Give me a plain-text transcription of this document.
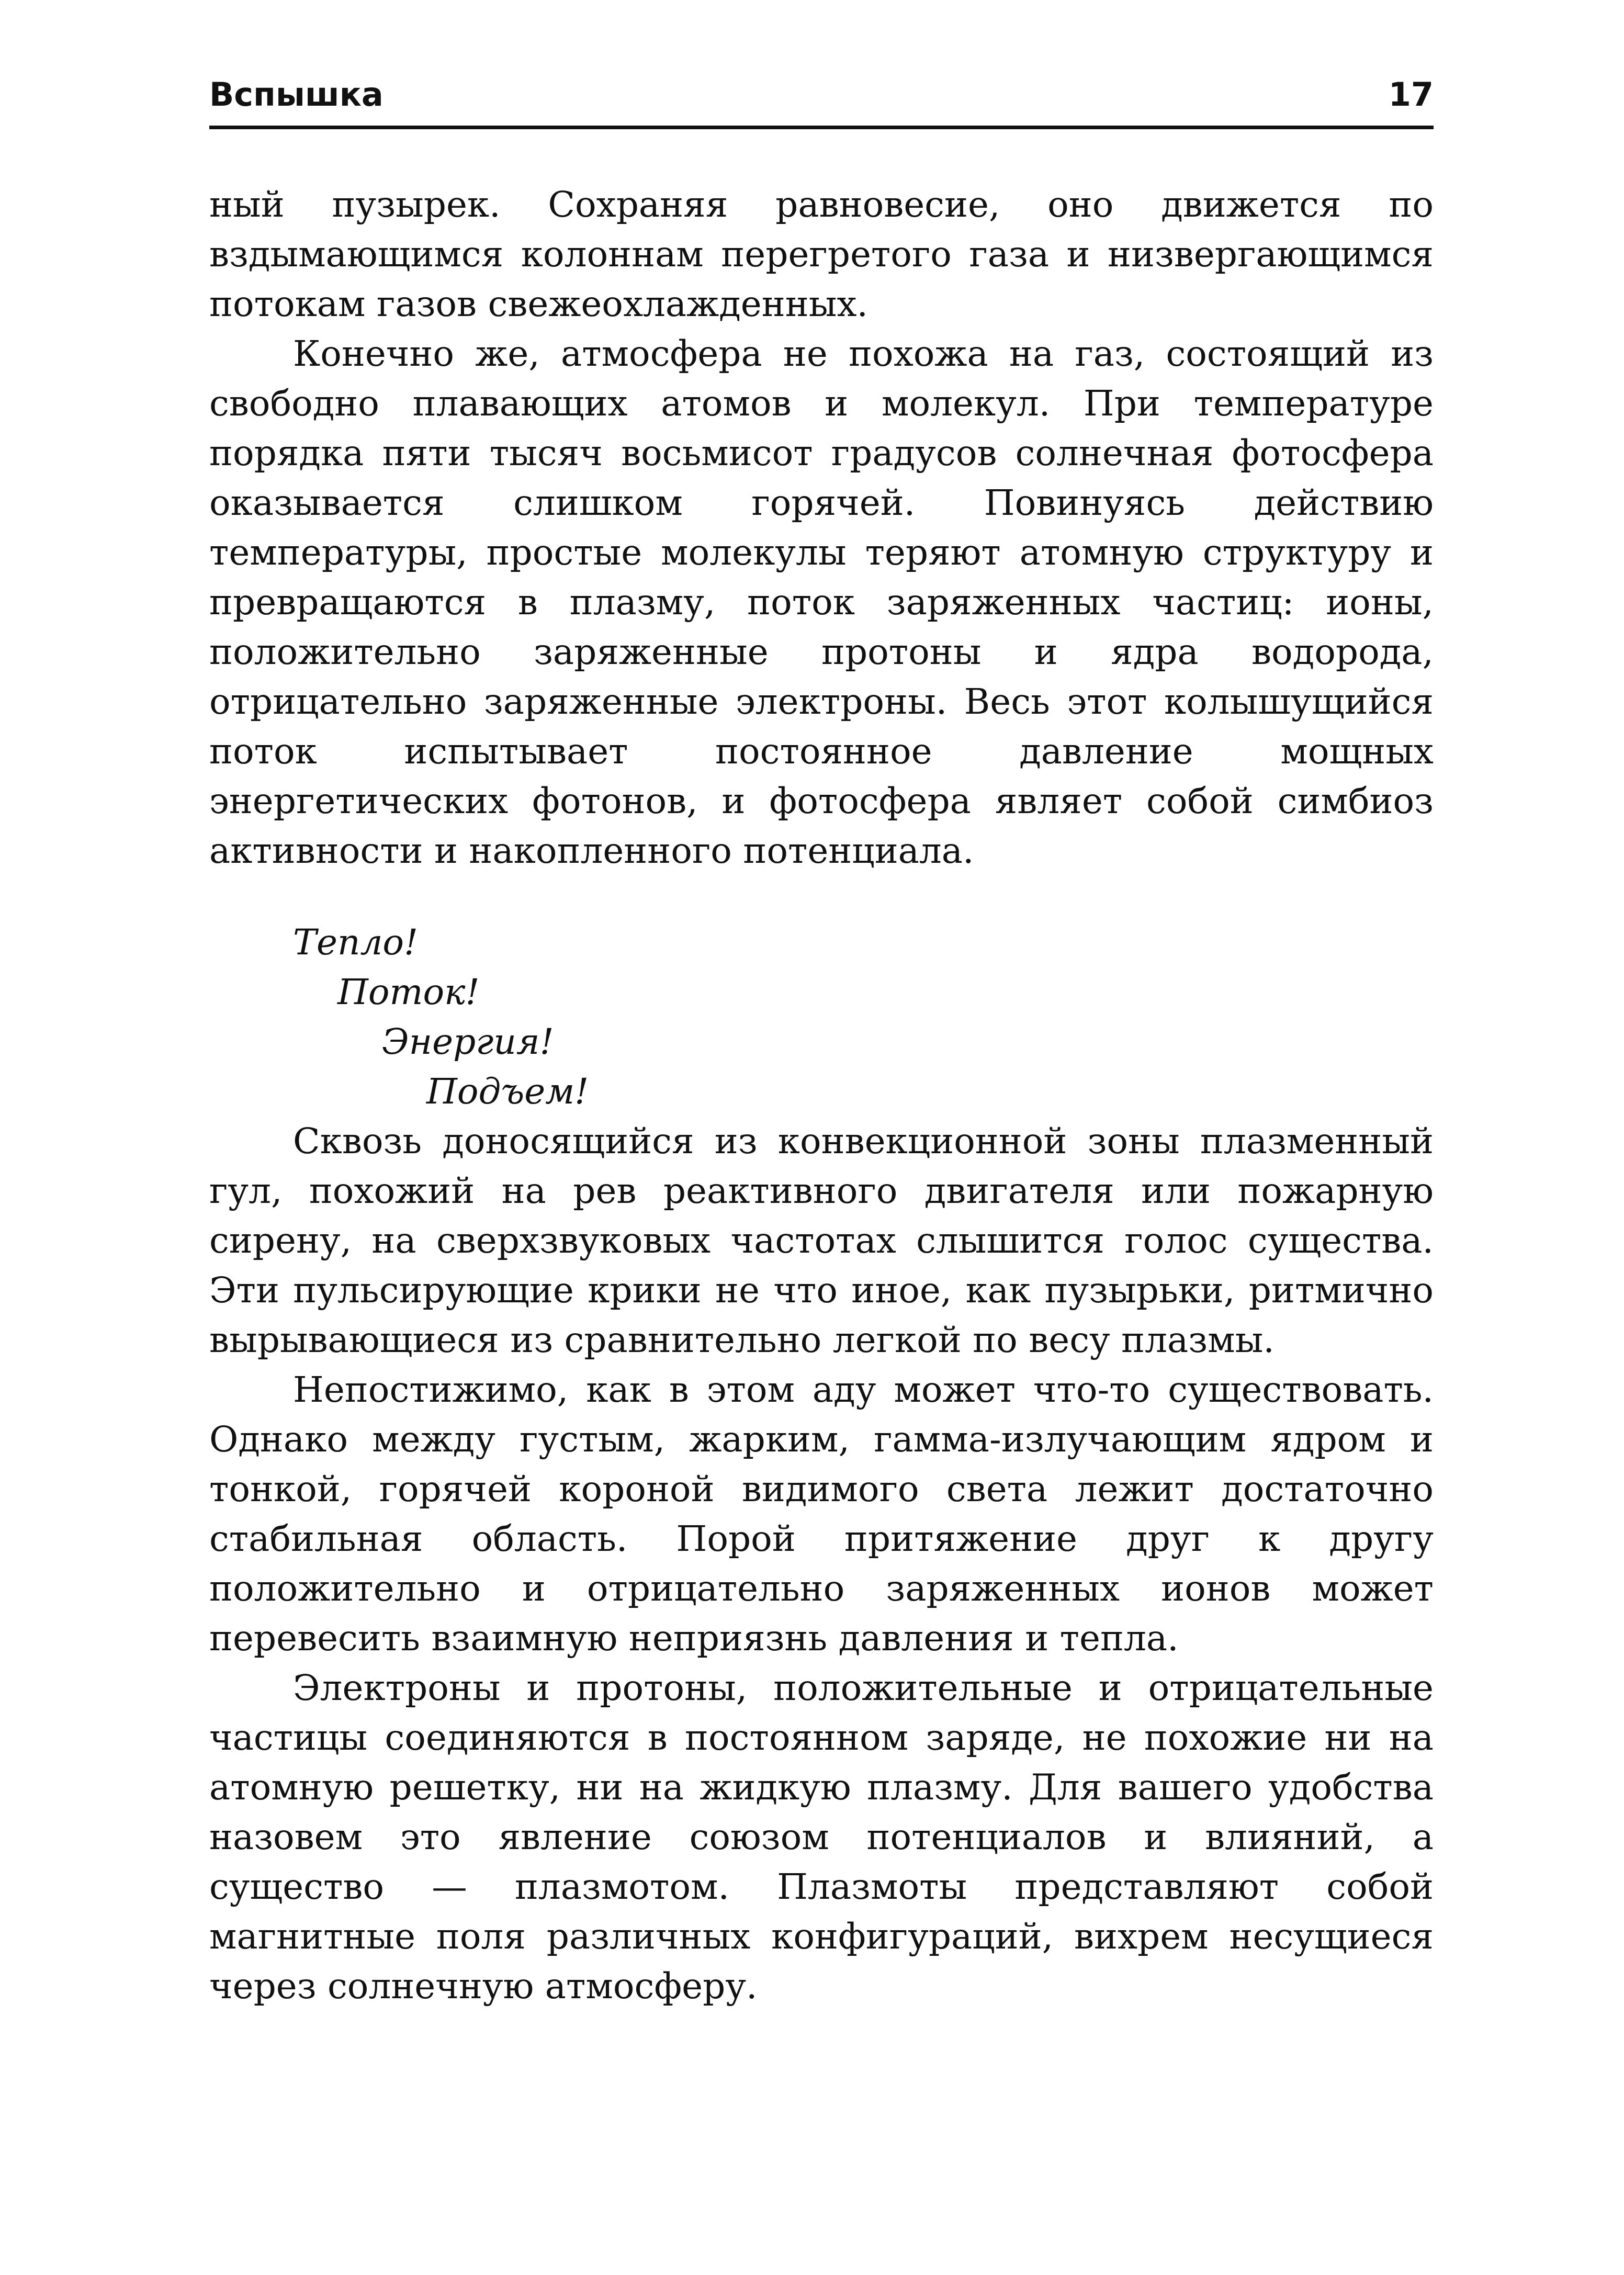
Вспышка	17

ный пузырек. Сохраняя равновесие, оно движется по вздымающимся колоннам перегретого газа и низвергающимся потокам газов свежеохлажденных.

Конечно же, атмосфера не похожа на газ, состоящий из свободно плавающих атомов и молекул. При температуре порядка пяти тысяч восьмисот градусов солнечная фотосфера оказывается слишком горячей. Повинуясь действию температуры, простые молекулы теряют атомную структуру и превращаются в плазму, поток заряженных частиц: ионы, положительно заряженные протоны и ядра водорода, отрицательно заряженные электроны. Весь этот колышущийся поток испытывает постоянное давление мощных энергетических фотонов, и фотосфера являет собой симбиоз активности и накопленного потенциала.

Тепло!
Поток!
Энергия!
Подъем!

Сквозь доносящийся из конвекционной зоны плазменный гул, похожий на рев реактивного двигателя или пожарную сирену, на сверхзвуковых частотах слышится голос существа. Эти пульсирующие крики не что иное, как пузырьки, ритмично вырывающиеся из сравнительно легкой по весу плазмы.

Непостижимо, как в этом аду может что-то существовать. Однако между густым, жарким, гамма-излучающим ядром и тонкой, горячей короной видимого света лежит достаточно стабильная область. Порой притяжение друг к другу положительно и отрицательно заряженных ионов может перевесить взаимную неприязнь давления и тепла.

Электроны и протоны, положительные и отрицательные частицы соединяются в постоянном заряде, не похожие ни на атомную решетку, ни на жидкую плазму. Для вашего удобства назовем это явление союзом потенциалов и влияний, а существо — плазмотом. Плазмоты представляют собой магнитные поля различных конфигураций, вихрем несущиеся через солнечную атмосферу.
